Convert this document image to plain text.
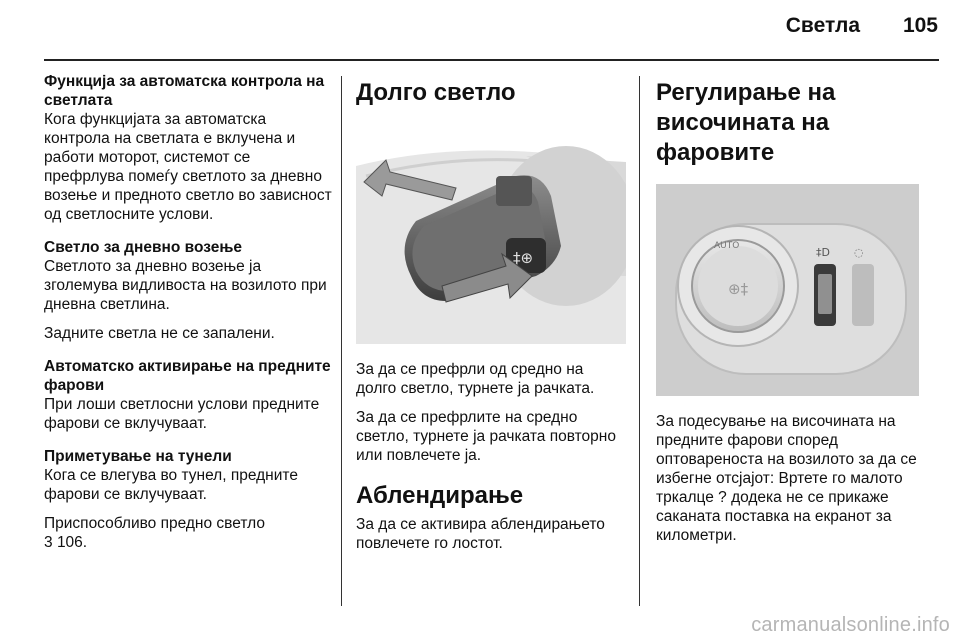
Светла	105

Функција за автоматска контрола на светлата

Кога функцијата за автоматска контрола на светлата е вклучена и работи моторот, системот се префрлува помеѓу светлото за дневно возење и предното светло во зависност од светлосните услови.

Светло за дневно возење

Светлото за дневно возење ја зголемува видливоста на возилото при дневна светлина.

Задните светла не се запалени.

Автоматско активирање на предните фарови

При лоши светлосни услови предните фарови се вклучуваат.

Приметување на тунели

Кога се влегува во тунел, предните фарови се вклучуваат.

Приспособливо предно светло

3 106.

Долго светло

‡⊕

За да се префрли од средно на долго светло, турнете ја рачката.

За да се префрлите на средно светло, турнете ја рачката повторно или повлечете ја.

Аблендирање

За да се активира аблендирањето повлечете го лостот.

Регулирање на височината на фаровите

⊕‡
AUTO	‡D ◌

За подесување на височината на предните фарови според оптовареноста на возилото за да се избегне отсјајот: Вртете го малото тркалце ? додека не се прикаже саканата поставка на екранот за километри.

carmanualsonline.info
